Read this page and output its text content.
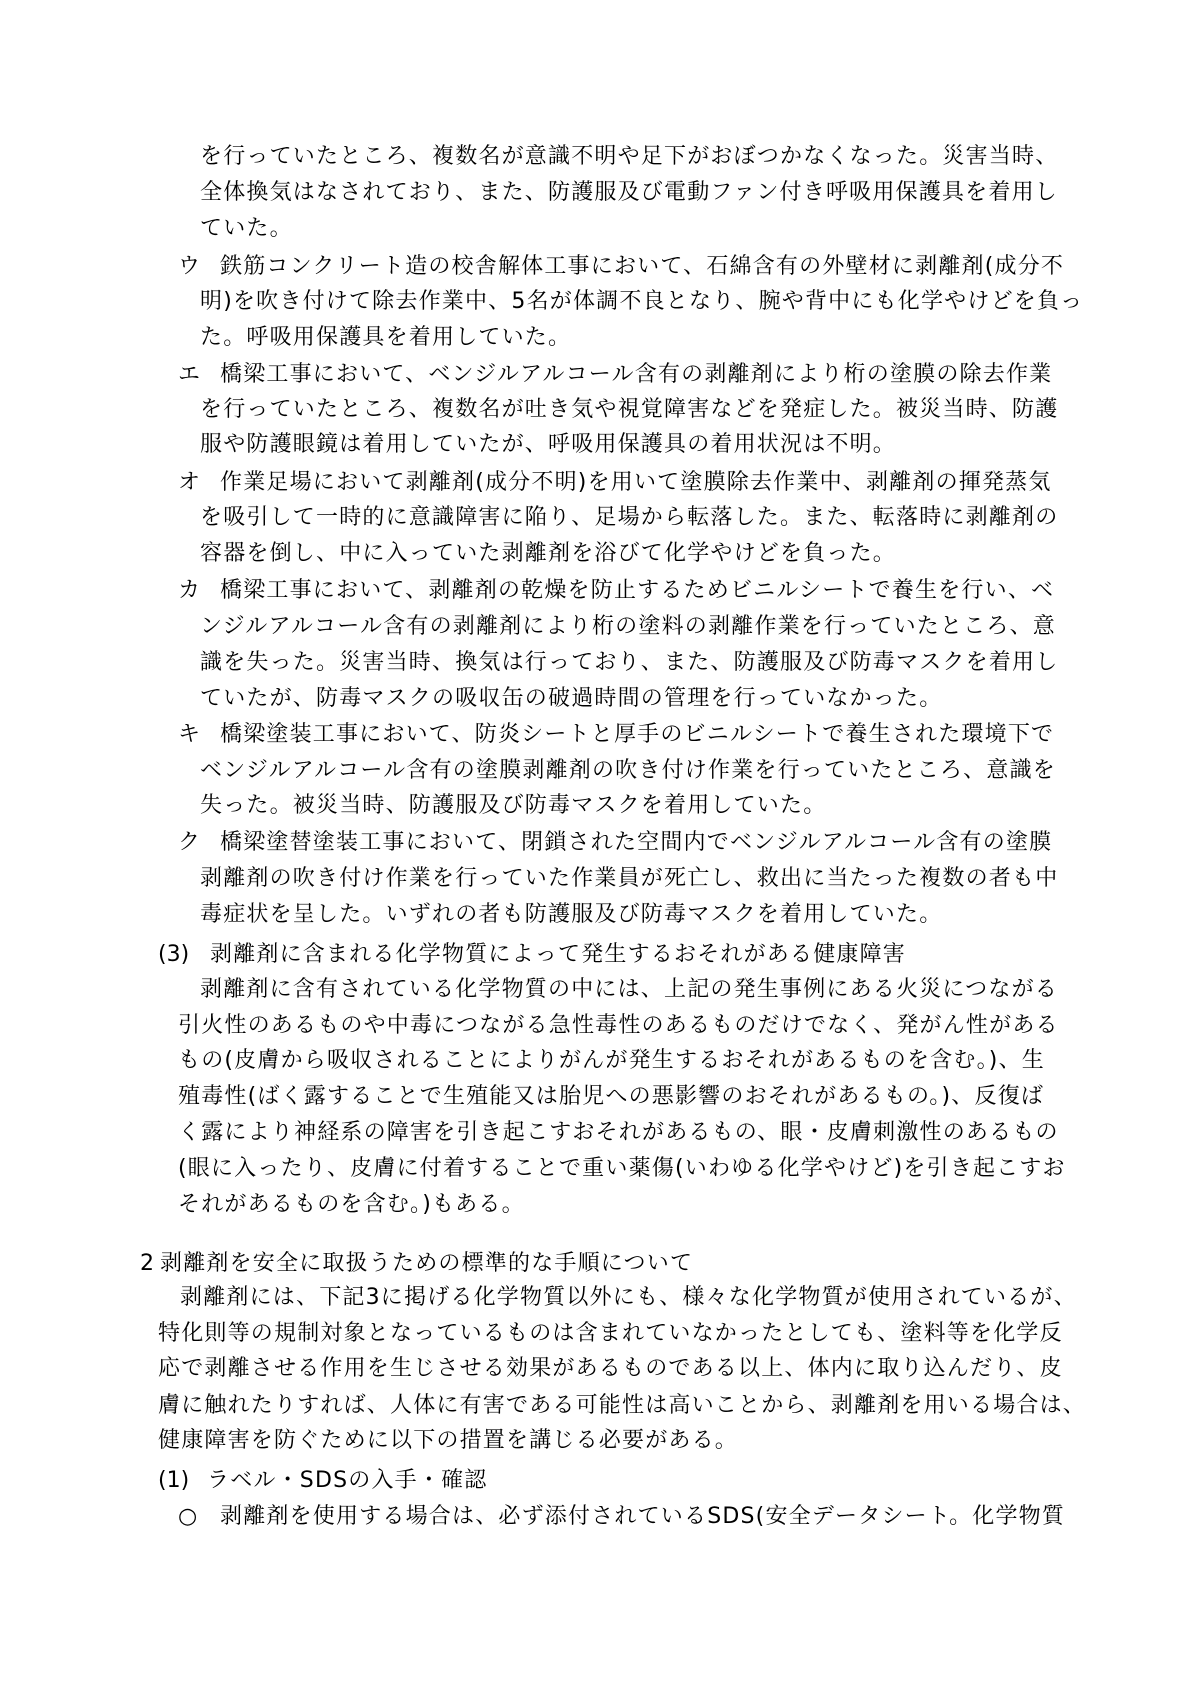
を行っていたところ、複数名が意識不明や足下がおぼつかなくなった。災害当時、
全体換気はなされており、また、防護服及び電動ファン付き呼吸用保護具を着用し
ていた。
ウ 鉄筋コンクリート造の校舎解体工事において、石綿含有の外壁材に剥離剤(成分不
明)を吹き付けて除去作業中、5名が体調不良となり、腕や背中にも化学やけどを負っ
た。呼吸用保護具を着用していた。
エ 橋梁工事において、ベンジルアルコール含有の剥離剤により桁の塗膜の除去作業
を行っていたところ、複数名が吐き気や視覚障害などを発症した。被災当時、防護
服や防護眼鏡は着用していたが、呼吸用保護具の着用状況は不明。
オ 作業足場において剥離剤(成分不明)を用いて塗膜除去作業中、剥離剤の揮発蒸気
を吸引して一時的に意識障害に陥り、足場から転落した。また、転落時に剥離剤の
容器を倒し、中に入っていた剥離剤を浴びて化学やけどを負った。
カ 橋梁工事において、剥離剤の乾燥を防止するためビニルシートで養生を行い、ベ
ンジルアルコール含有の剥離剤により桁の塗料の剥離作業を行っていたところ、意
識を失った。災害当時、換気は行っており、また、防護服及び防毒マスクを着用し
ていたが、防毒マスクの吸収缶の破過時間の管理を行っていなかった。
キ 橋梁塗装工事において、防炎シートと厚手のビニルシートで養生された環境下で
ベンジルアルコール含有の塗膜剥離剤の吹き付け作業を行っていたところ、意識を
失った。被災当時、防護服及び防毒マスクを着用していた。
ク 橋梁塗替塗装工事において、閉鎖された空間内でベンジルアルコール含有の塗膜
剥離剤の吹き付け作業を行っていた作業員が死亡し、救出に当たった複数の者も中
毒症状を呈した。いずれの者も防護服及び防毒マスクを着用していた。
(3) 剥離剤に含まれる化学物質によって発生するおそれがある健康障害
剥離剤に含有されている化学物質の中には、上記の発生事例にある火災につながる
引火性のあるものや中毒につながる急性毒性のあるものだけでなく、発がん性がある
もの(皮膚から吸収されることによりがんが発生するおそれがあるものを含む。)、生
殖毒性(ばく露することで生殖能又は胎児への悪影響のおそれがあるもの。)、反復ば
く露により神経系の障害を引き起こすおそれがあるもの、眼・皮膚刺激性のあるもの
(眼に入ったり、皮膚に付着することで重い薬傷(いわゆる化学やけど)を引き起こすお
それがあるものを含む。)もある。
2 剥離剤を安全に取扱うための標準的な手順について
剥離剤には、下記3に掲げる化学物質以外にも、様々な化学物質が使用されているが、
特化則等の規制対象となっているものは含まれていなかったとしても、塗料等を化学反
応で剥離させる作用を生じさせる効果があるものである以上、体内に取り込んだり、皮
膚に触れたりすれば、人体に有害である可能性は高いことから、剥離剤を用いる場合は、
健康障害を防ぐために以下の措置を講じる必要がある。
(1) ラベル・SDSの入手・確認
○ 剥離剤を使用する場合は、必ず添付されているSDS(安全データシート。化学物質
